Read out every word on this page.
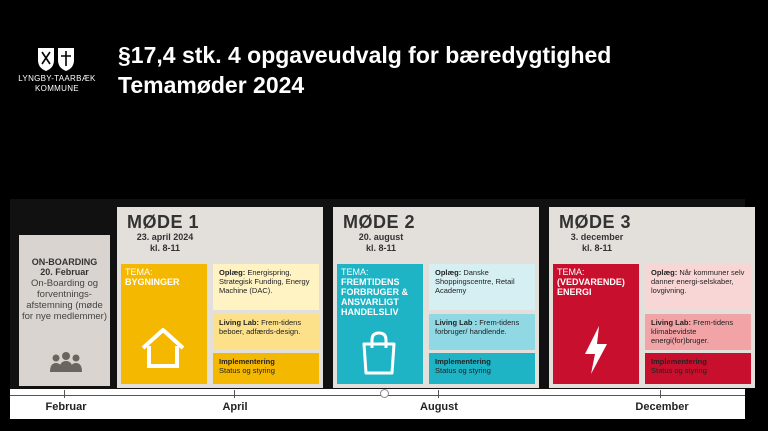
LYNGBY-TAARBÆK
KOMMUNE
§17,4 stk. 4 opgaveudvalg for bæredygtighed
Temamøder 2024
Februar	April	August	December
ON-BOARDING
20. Februar
On-Boarding og forventnings-afstemning (møde for nye medlemmer)
MØDE 1
23. april 2024
kl. 8-11
TEMA:
BYGNINGER
Oplæg: Energispring, Strategisk Funding, Energy Machine (DAC).
Living Lab: Frem-tidens beboer, adfærds-design.
Implementering
Status og styring
MØDE 2
20. august
kl. 8-11
TEMA:
FREMTIDENS FORBRUGER & ANSVARLIGT HANDELSLIV
Oplæg: Danske Shoppingscentre, Retail Academy
Living Lab : Frem-tidens forbruger/ handlende.
Implementering
Status og styring
MØDE 3
3. december
kl. 8-11
TEMA:
(VEDVARENDE) ENERGI
Oplæg: Når kommuner selv danner energi-selskaber, lovgivning.
Living Lab: Frem-tidens klimabevidste energi(for)bruger.
Implementering
Status og styring
